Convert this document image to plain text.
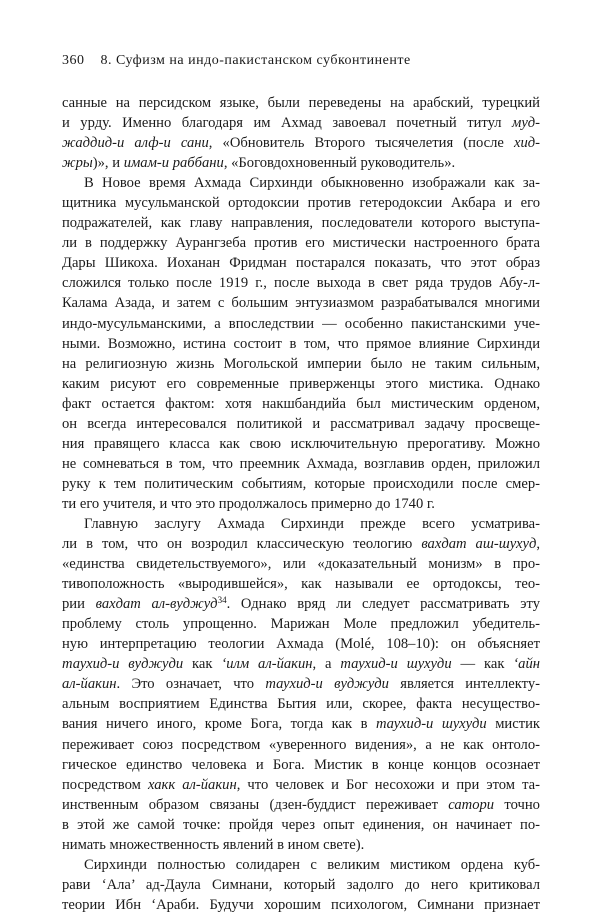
360 8. Суфизм на индо-пакистанском субконтиненте
санные на персидском языке, были переведены на арабский, турецкий
и урду. Именно благодаря им Ахмад завоевал почетный титул муд-
жаддид-и алф-и сани, «Обновитель Второго тысячелетия (после хид-
жры)», и имам-и раббани, «Боговдохновенный руководитель».
В Новое время Ахмада Сирхинди обыкновенно изображали как за-
щитника мусульманской ортодоксии против гетеродоксии Акбара и его
подражателей, как главу направления, последователи которого выступа-
ли в поддержку Аурангзеба против его мистически настроенного брата
Дары Шикоха. Иоханан Фридман постарался показать, что этот образ
сложился только после 1919 г., после выхода в свет ряда трудов Абу-л-
Калама Азада, и затем с большим энтузиазмом разрабатывался многими
индо-мусульманскими, а впоследствии — особенно пакистанскими уче-
ными. Возможно, истина состоит в том, что прямое влияние Сирхинди
на религиозную жизнь Могольской империи было не таким сильным,
каким рисуют его современные приверженцы этого мистика. Однако
факт остается фактом: хотя накшбандийа был мистическим орденом,
он всегда интересовался политикой и рассматривал задачу просвеще-
ния правящего класса как свою исключительную прерогативу. Можно
не сомневаться в том, что преемник Ахмада, возглавив орден, приложил
руку к тем политическим событиям, которые происходили после смер-
ти его учителя, и что это продолжалось примерно до 1740 г.
Главную заслугу Ахмада Сирхинди прежде всего усматрива-
ли в том, что он возродил классическую теологию вахдат аш-шухуд,
«единства свидетельствуемого», или «доказательный монизм» в про-
тивоположность «выродившейся», как называли ее ортодоксы, тео-
рии вахдат ал-вуджуд$^{34}$. Однако вряд ли следует рассматривать эту
проблему столь упрощенно. Марижан Моле предложил убедитель-
ную интерпретацию теологии Ахмада (Molé, 108–10): он объясняет
таухид-и вуджуди как ʻилм ал-йакин, а таухид-и шухуди — как ʻайн
ал-йакин. Это означает, что таухид-и вуджуди является интеллекту-
альным восприятием Единства Бытия или, скорее, факта несущество-
вания ничего иного, кроме Бога, тогда как в таухид-и шухуди мистик
переживает союз посредством «уверенного видения», а не как онтоло-
гическое единство человека и Бога. Мистик в конце концов осознает
посредством хакк ал-йакин, что человек и Бог несохожи и при этом та-
инственным образом связаны (дзен-буддист переживает сатори точно
в этой же самой точке: пройдя через опыт единения, он начинает по-
нимать множественность явлений в ином свете).
Сирхинди полностью солидарен с великим мистиком ордена куб-
рави ʻАла’ ад-Даула Симнани, который задолго до него критиковал
теории Ибн ʻАраби. Будучи хорошим психологом, Симнани признает
